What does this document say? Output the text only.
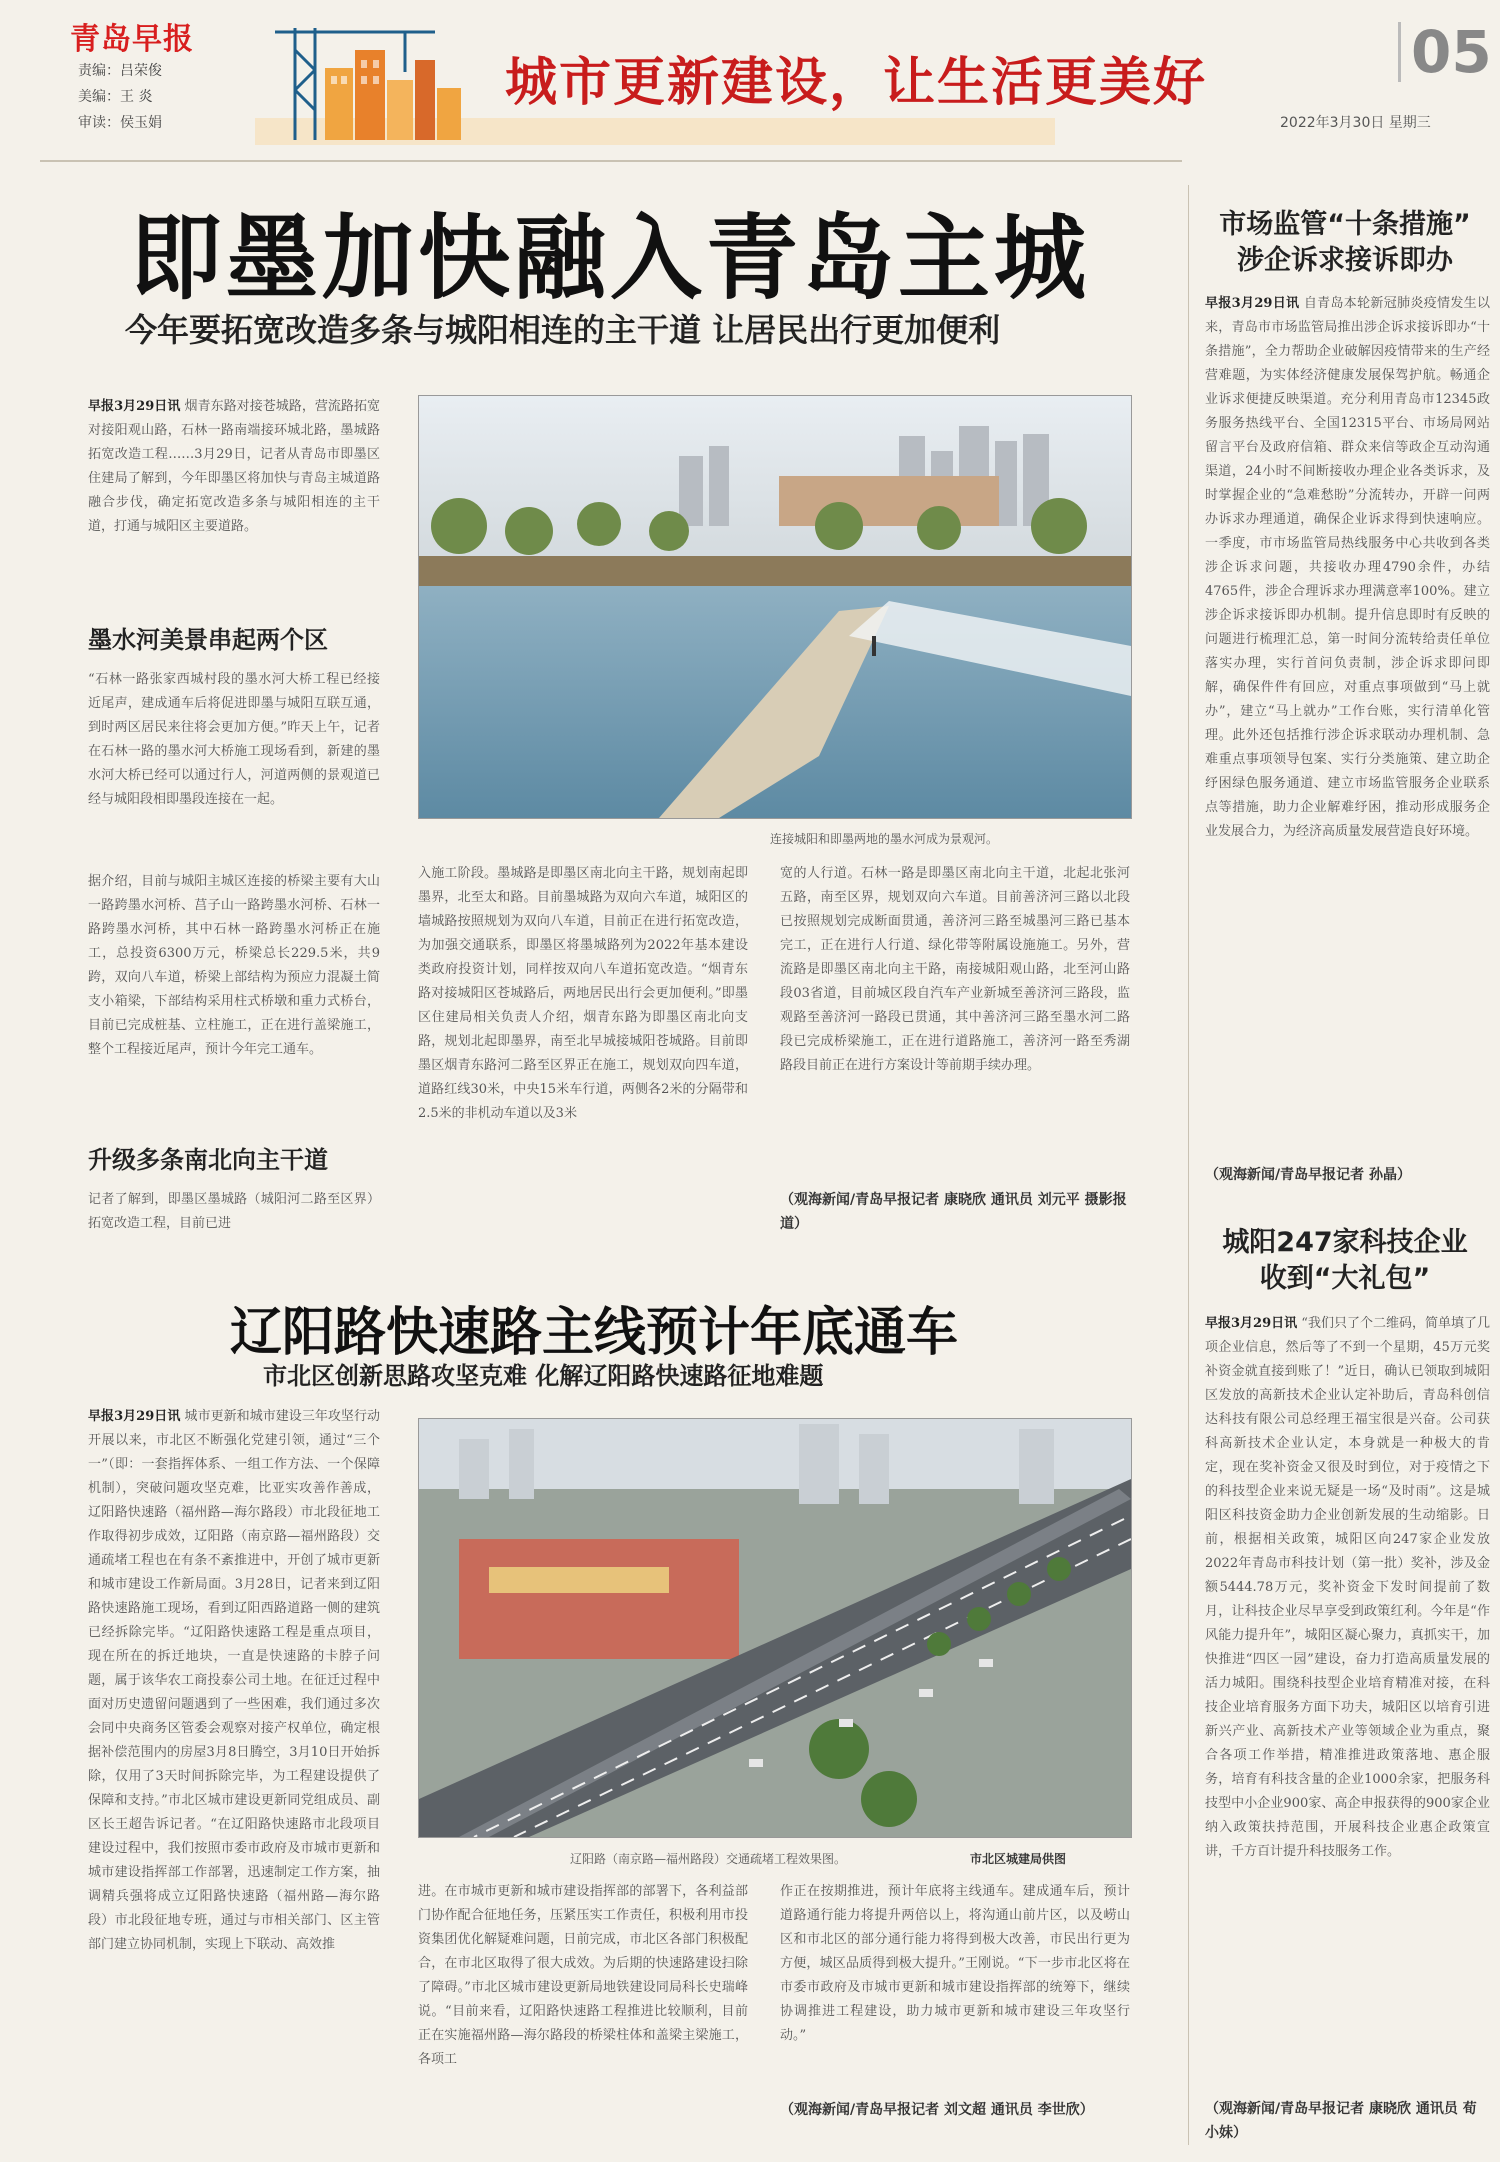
青岛早报
责编：吕荣俊
美编：王 炎
审读：侯玉娟
城市更新建设，让生活更美好	05
2022年3月30日 星期三
即墨加快融入青岛主城
今年要拓宽改造多条与城阳相连的主干道 让居民出行更加便利
早报3月29日讯 烟青东路对接苍城路，营流路拓宽对接阳观山路，石林一路南端接环城北路，墨城路拓宽改造工程……3月29日，记者从青岛市即墨区住建局了解到，今年即墨区将加快与青岛主城道路融合步伐，确定拓宽改造多条与城阳相连的主干道，打通与城阳区主要道路。
墨水河美景串起两个区
“石林一路张家西城村段的墨水河大桥工程已经接近尾声，建成通车后将促进即墨与城阳互联互通，到时两区居民来往将会更加方便。”昨天上午，记者在石林一路的墨水河大桥施工现场看到，新建的墨水河大桥已经可以通过行人，河道两侧的景观道已经与城阳段相即墨段连接在一起。
据介绍，目前与城阳主城区连接的桥梁主要有大山一路跨墨水河桥、莒子山一路跨墨水河桥、石林一路跨墨水河桥，其中石林一路跨墨水河桥正在施工，总投资6300万元，桥梁总长229.5米，共9跨，双向八车道，桥梁上部结构为预应力混凝土简支小箱梁，下部结构采用柱式桥墩和重力式桥台，目前已完成桩基、立柱施工，正在进行盖梁施工，整个工程接近尾声，预计今年完工通车。
升级多条南北向主干道
记者了解到，即墨区墨城路（城阳河二路至区界）拓宽改造工程，目前已进
连接城阳和即墨两地的墨水河成为景观河。
入施工阶段。墨城路是即墨区南北向主干路，规划南起即墨界，北至太和路。目前墨城路为双向六车道，城阳区的墙城路按照规划为双向八车道，目前正在进行拓宽改造，为加强交通联系，即墨区将墨城路列为2022年基本建设类政府投资计划，同样按双向八车道拓宽改造。“烟青东路对接城阳区苍城路后，两地居民出行会更加便利。”即墨区住建局相关负责人介绍，烟青东路为即墨区南北向支路，规划北起即墨界，南至北早城接城阳苍城路。目前即墨区烟青东路河二路至区界正在施工，规划双向四车道，道路红线30米，中央15米车行道，两侧各2米的分隔带和2.5米的非机动车道以及3米
宽的人行道。石林一路是即墨区南北向主干道，北起北张河五路，南至区界，规划双向六车道。目前善济河三路以北段已按照规划完成断面贯通，善济河三路至城墨河三路已基本完工，正在进行人行道、绿化带等附属设施施工。另外，营流路是即墨区南北向主干路，南接城阳观山路，北至河山路段03省道，目前城区段自汽车产业新城至善济河三路段，监观路至善济河一路段已贯通，其中善济河三路至墨水河二路段已完成桥梁施工，正在进行道路施工，善济河一路至秀湖路段目前正在进行方案设计等前期手续办理。
（观海新闻/青岛早报记者 康晓欣 通讯员 刘元平 摄影报道）
辽阳路快速路主线预计年底通车
市北区创新思路攻坚克难 化解辽阳路快速路征地难题
早报3月29日讯 城市更新和城市建设三年攻坚行动开展以来，市北区不断强化党建引领，通过“三个一”（即：一套指挥体系、一组工作方法、一个保障机制），突破问题攻坚克难，比亚实攻善作善成，辽阳路快速路（福州路—海尔路段）市北段征地工作取得初步成效，辽阳路（南京路—福州路段）交通疏堵工程也在有条不紊推进中，开创了城市更新和城市建设工作新局面。3月28日，记者来到辽阳路快速路施工现场，看到辽阳西路道路一侧的建筑已经拆除完毕。“辽阳路快速路工程是重点项目，现在所在的拆迁地块，一直是快速路的卡脖子问题，属于该华农工商投泰公司土地。在征迁过程中面对历史遗留问题遇到了一些困难，我们通过多次会同中央商务区管委会观察对接产权单位，确定根据补偿范围内的房屋3月8日腾空，3月10日开始拆除，仅用了3天时间拆除完毕，为工程建设提供了保障和支持。”市北区城市建设更新同党组成员、副区长王超告诉记者。“在辽阳路快速路市北段项目建设过程中，我们按照市委市政府及市城市更新和城市建设指挥部工作部署，迅速制定工作方案，抽调精兵强将成立辽阳路快速路（福州路—海尔路段）市北段征地专班，通过与市相关部门、区主管部门建立协同机制，实现上下联动、高效推
辽阳路（南京路—福州路段）交通疏堵工程效果图。	市北区城建局供图
进。在市城市更新和城市建设指挥部的部署下，各利益部门协作配合征地任务，压紧压实工作责任，积极利用市投资集团优化解疑难问题，日前完成，市北区各部门积极配合，在市北区取得了很大成效。为后期的快速路建设扫除了障碍。”市北区城市建设更新局地铁建设同局科长史瑞峰说。“目前来看，辽阳路快速路工程推进比较顺利，目前正在实施福州路—海尔路段的桥梁柱体和盖梁主梁施工，各项工
作正在按期推进，预计年底将主线通车。建成通车后，预计道路通行能力将提升两倍以上，将沟通山前片区，以及崂山区和市北区的部分通行能力将得到极大改善，市民出行更为方便，城区品质得到极大提升。”王刚说。“下一步市北区将在市委市政府及市城市更新和城市建设指挥部的统筹下，继续协调推进工程建设，助力城市更新和城市建设三年攻坚行动。”
（观海新闻/青岛早报记者 刘文超 通讯员 李世欣）
市场监管“十条措施”
涉企诉求接诉即办
早报3月29日讯 自青岛本轮新冠肺炎疫情发生以来，青岛市市场监管局推出涉企诉求接诉即办“十条措施”，全力帮助企业破解因疫情带来的生产经营难题，为实体经济健康发展保驾护航。畅通企业诉求便捷反映渠道。充分利用青岛市12345政务服务热线平台、全国12315平台、市场局网站留言平台及政府信箱、群众来信等政企互动沟通渠道，24小时不间断接收办理企业各类诉求，及时掌握企业的“急难愁盼”分流转办，开辟一问两办诉求办理通道，确保企业诉求得到快速响应。一季度，市市场监管局热线服务中心共收到各类涉企诉求问题，共接收办理4790余件，办结4765件，涉企合理诉求办理满意率100%。建立涉企诉求接诉即办机制。提升信息即时有反映的问题进行梳理汇总，第一时间分流转给责任单位落实办理，实行首问负责制，涉企诉求即问即解，确保件件有回应，对重点事项做到“马上就办”，建立“马上就办”工作台账，实行清单化管理。此外还包括推行涉企诉求联动办理机制、急难重点事项领导包案、实行分类施策、建立助企纾困绿色服务通道、建立市场监管服务企业联系点等措施，助力企业解难纾困，推动形成服务企业发展合力，为经济高质量发展营造良好环境。
（观海新闻/青岛早报记者 孙晶）
城阳247家科技企业
收到“大礼包”
早报3月29日讯 “我们只了个二维码，简单填了几项企业信息，然后等了不到一个星期，45万元奖补资金就直接到账了！”近日，确认已领取到城阳区发放的高新技术企业认定补助后，青岛科创信达科技有限公司总经理王福宝很是兴奋。公司获科高新技术企业认定，本身就是一种极大的肯定，现在奖补资金又很及时到位，对于疫情之下的科技型企业来说无疑是一场“及时雨”。这是城阳区科技资金助力企业创新发展的生动缩影。日前，根据相关政策，城阳区向247家企业发放2022年青岛市科技计划（第一批）奖补，涉及金额5444.78万元，奖补资金下发时间提前了数月，让科技企业尽早享受到政策红利。今年是“作风能力提升年”，城阳区凝心聚力，真抓实干，加快推进“四区一园”建设，奋力打造高质量发展的活力城阳。围绕科技型企业培育精准对接，在科技企业培育服务方面下功夫，城阳区以培育引进新兴产业、高新技术产业等领域企业为重点，聚合各项工作举措，精准推进政策落地、惠企服务，培育有科技含量的企业1000余家，把服务科技型中小企业900家、高企申报获得的900家企业纳入政策扶持范围，开展科技企业惠企政策宣讲，千方百计提升科技服务工作。
（观海新闻/青岛早报记者 康晓欣 通讯员 荀小妹）
